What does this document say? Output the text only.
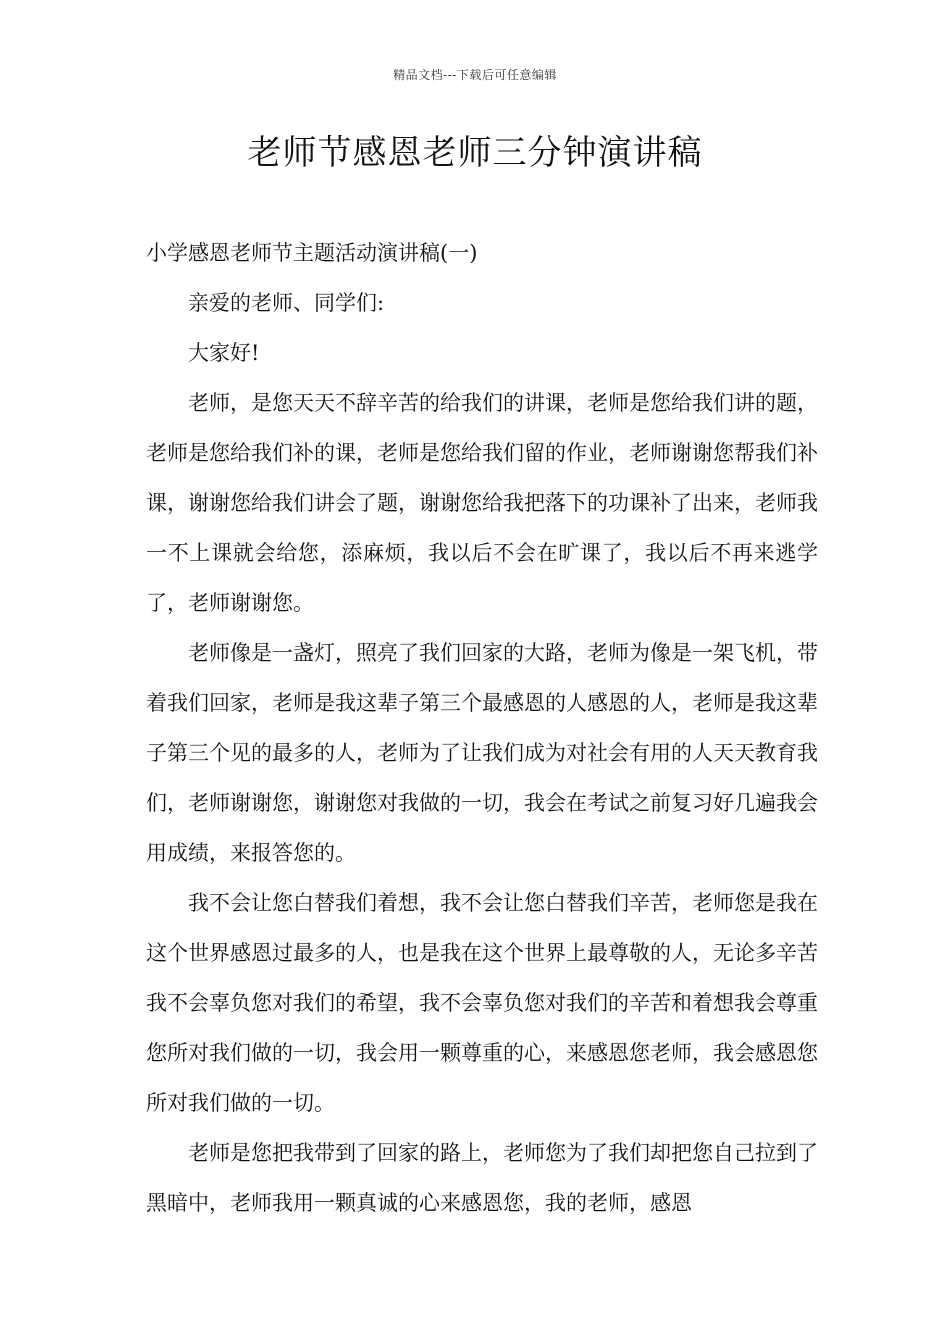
精品文档---下载后可任意编辑
老师节感恩老师三分钟演讲稿

小学感恩老师节主题活动演讲稿(一)

亲爱的老师、同学们:

大家好!

老师，是您天天不辞辛苦的给我们的讲课，老师是您给我们讲的题，老师是您给我们补的课，老师是您给我们留的作业，老师谢谢您帮我们补课，谢谢您给我们讲会了题，谢谢您给我把落下的功课补了出来，老师我一不上课就会给您，添麻烦，我以后不会在旷课了，我以后不再来逃学了，老师谢谢您。

老师像是一盏灯，照亮了我们回家的大路，老师为像是一架飞机，带着我们回家，老师是我这辈子第三个最感恩的人感恩的人，老师是我这辈子第三个见的最多的人，老师为了让我们成为对社会有用的人天天教育我们，老师谢谢您，谢谢您对我做的一切，我会在考试之前复习好几遍我会用成绩，来报答您的。

我不会让您白替我们着想，我不会让您白替我们辛苦，老师您是我在这个世界感恩过最多的人，也是我在这个世界上最尊敬的人，无论多辛苦我不会辜负您对我们的希望，我不会辜负您对我们的辛苦和着想我会尊重您所对我们做的一切，我会用一颗尊重的心，来感恩您老师，我会感恩您所对我们做的一切。

老师是您把我带到了回家的路上，老师您为了我们却把您自己拉到了黑暗中，老师我用一颗真诚的心来感恩您，我的老师，感恩
